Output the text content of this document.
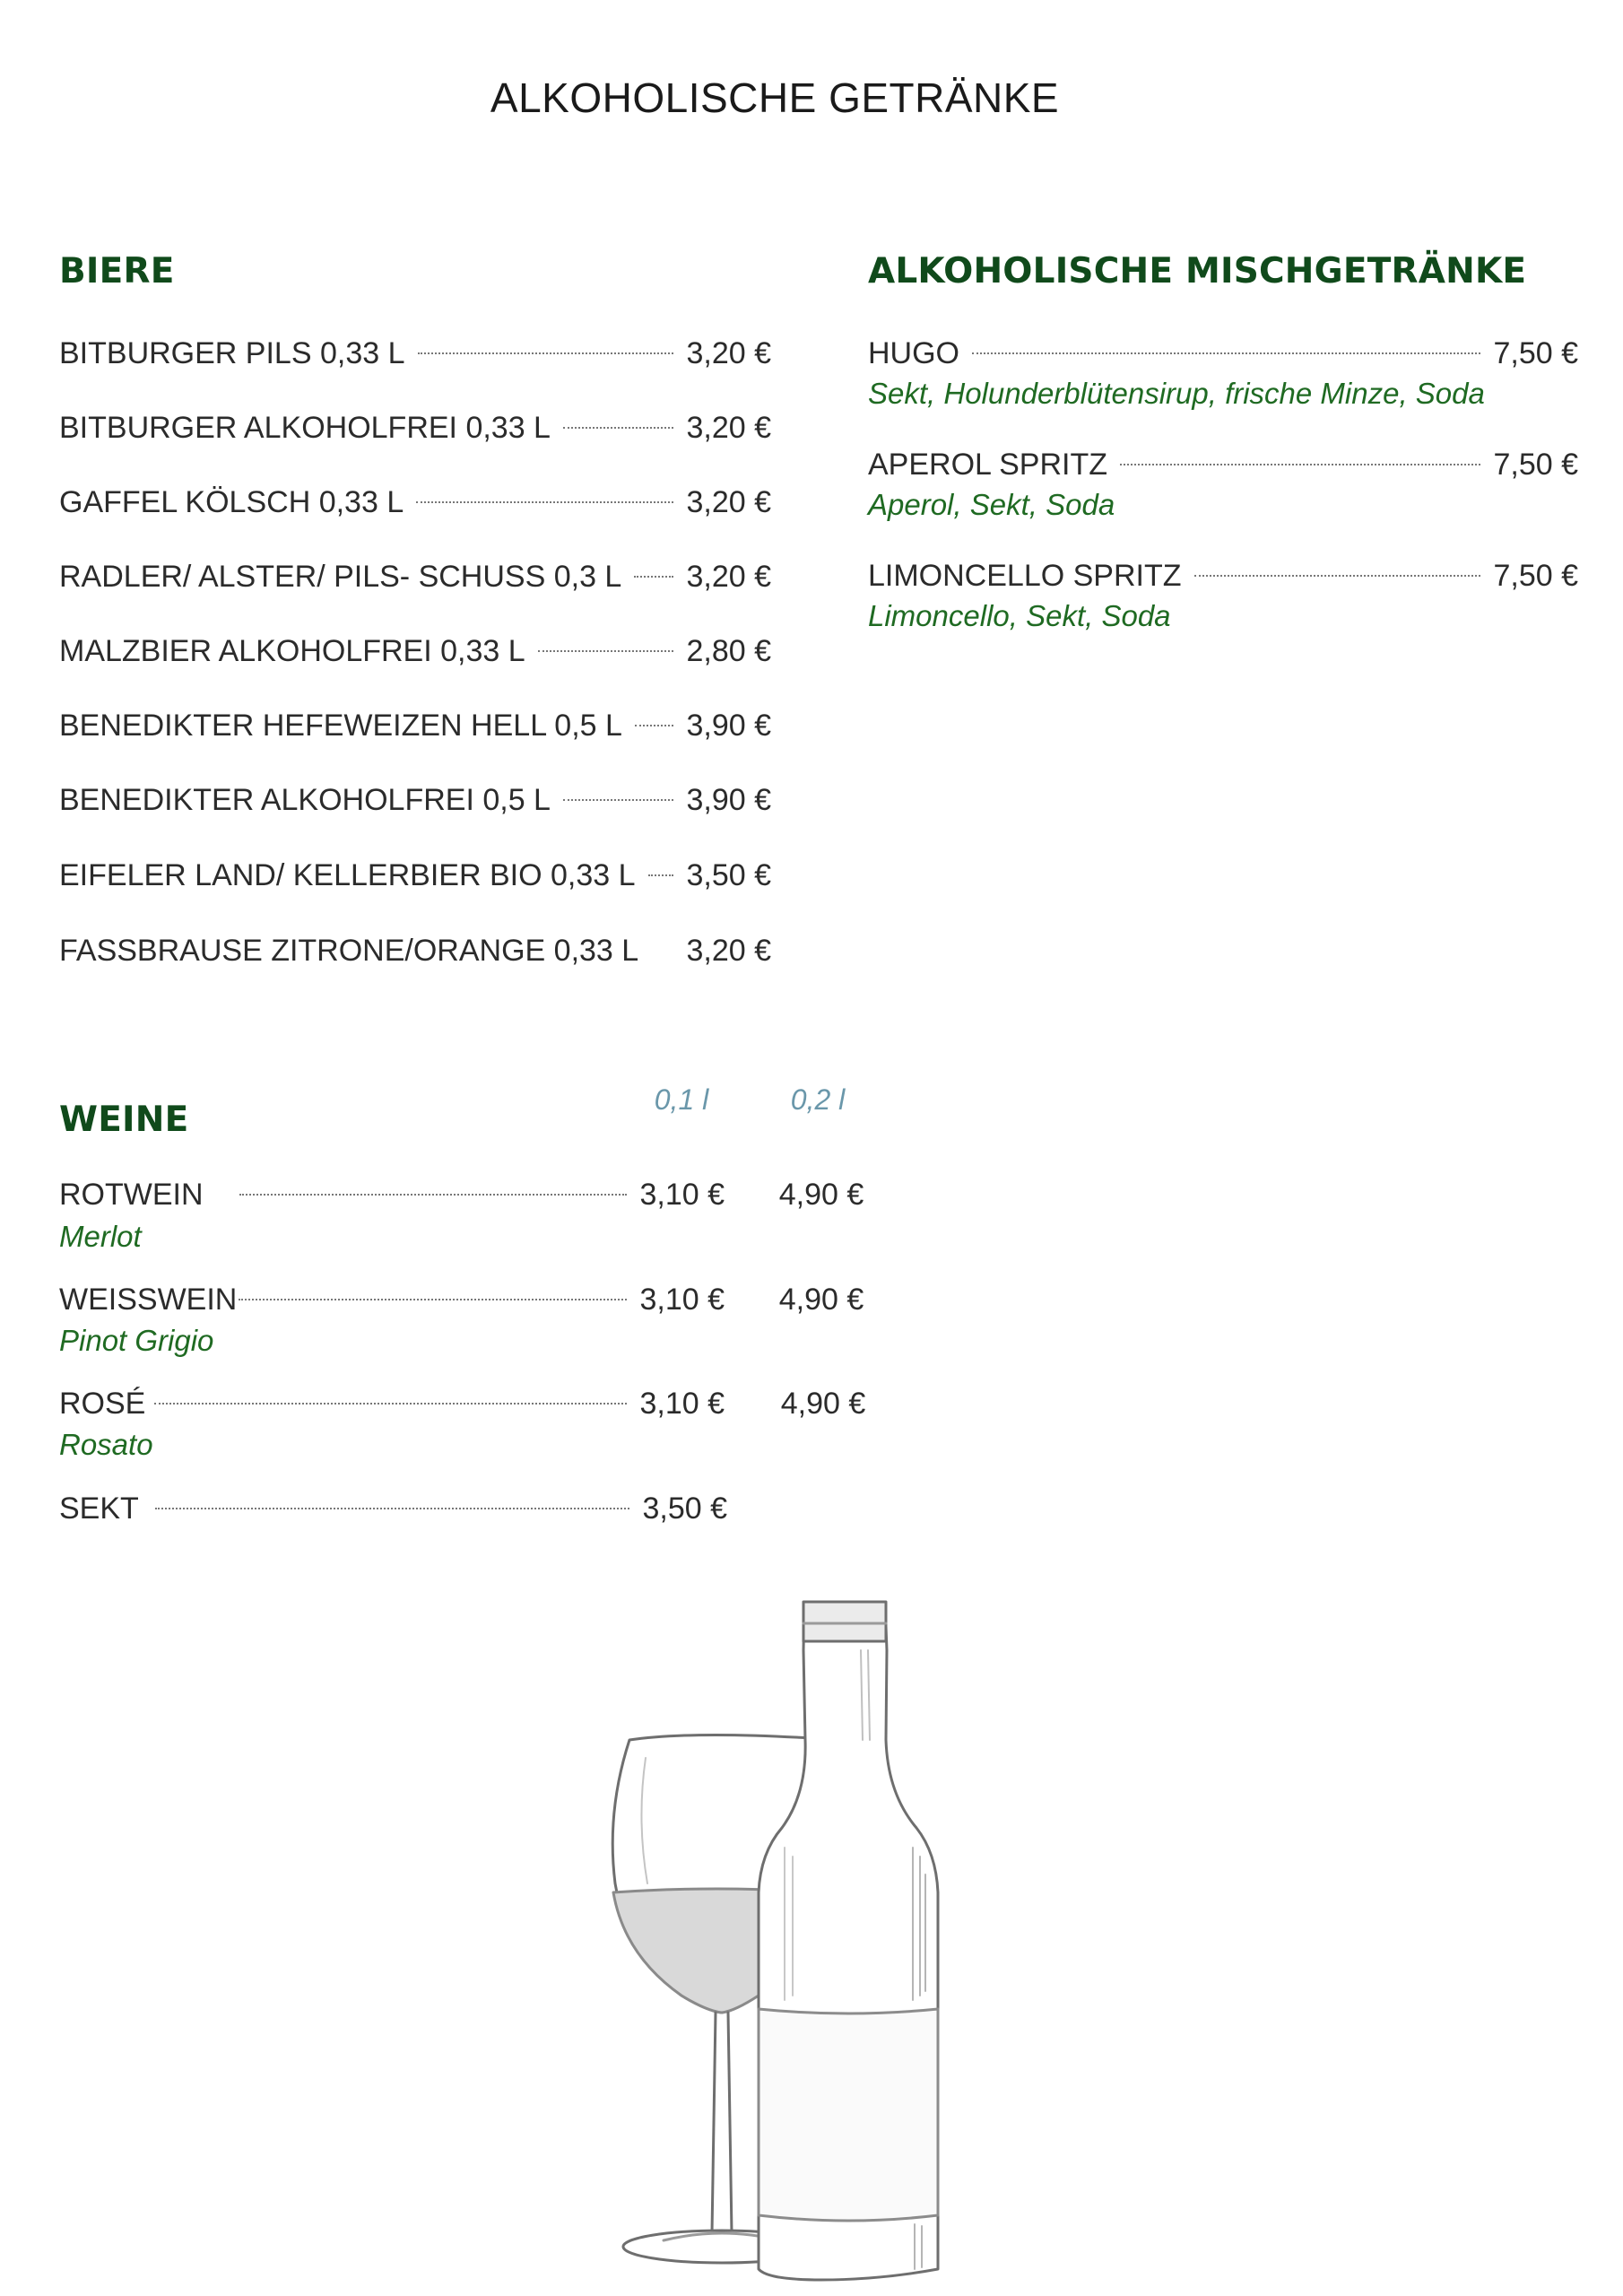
ALKOHOLISCHE GETRÄNKE
BIERE
BITBURGER PILS 0,33 L	3,20 €
BITBURGER ALKOHOLFREI 0,33 L	3,20 €
GAFFEL KÖLSCH 0,33 L	3,20 €
RADLER/ ALSTER/ PILS- SCHUSS 0,3 L 3,20 €
MALZBIER ALKOHOLFREI 0,33 L	2,80 €
BENEDIKTER HEFEWEIZEN HELL 0,5 L 3,90 €
BENEDIKTER ALKOHOLFREI 0,5 L	3,90 €
EIFELER LAND/ KELLERBIER BIO 0,33 L 3,50 €
FASSBRAUSE ZITRONE/ORANGE 0,33 L 3,20 €
ALKOHOLISCHE MISCHGETRÄNKE
HUGO	7,50 €
Sekt, Holunderblütensirup, frische Minze, Soda
APEROL SPRITZ	7,50 €
Aperol, Sekt, Soda
LIMONCELLO SPRITZ	7,50 €
Limoncello, Sekt, Soda
WEINE	0,1 l	0,2 l
ROTWEIN	3,10 €	4,90 €
Merlot
WEISSWEIN	3,10 €	4,90 €
Pinot Grigio
ROSÉ	3,10 €	4,90 €
Rosato
SEKT	3,50 €
